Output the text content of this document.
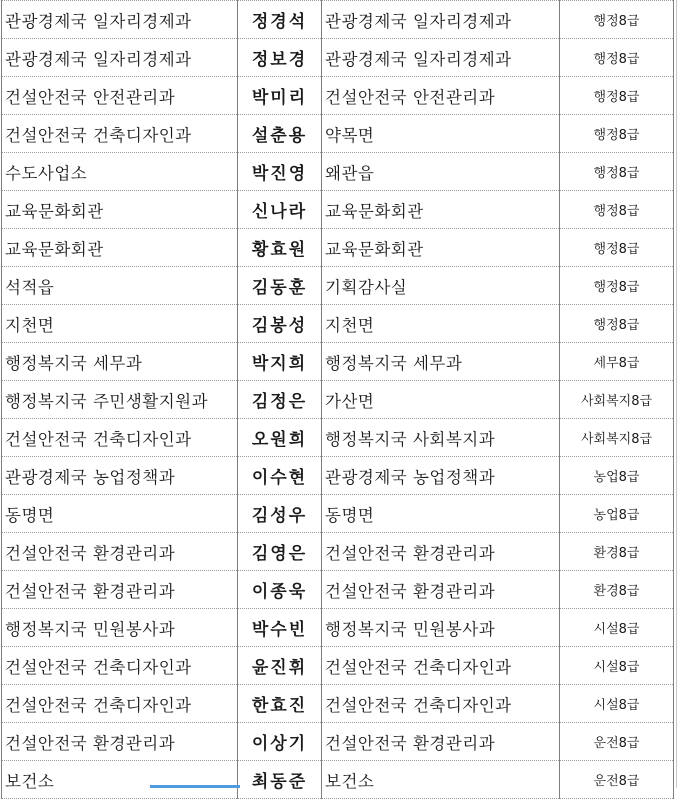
관광경제국 일자리경제과	정경석	관광경제국 일자리경제과	행정8급
관광경제국 일자리경제과	정보경	관광경제국 일자리경제과	행정8급
건설안전국 안전관리과	박미리	건설안전국 안전관리과	행정8급
건설안전국 건축디자인과	설춘용	약목면	행정8급
수도사업소	박진영	왜관읍	행정8급
교육문화회관	신나라	교육문화회관	행정8급
교육문화회관	황효원	교육문화회관	행정8급
석적읍	김동훈	기획감사실	행정8급
지천면	김봉성	지천면	행정8급
행정복지국 세무과	박지희	행정복지국 세무과	세무8급
행정복지국 주민생활지원과	김정은	가산면	사회복지8급
건설안전국 건축디자인과	오원희	행정복지국 사회복지과	사회복지8급
관광경제국 농업정책과	이수현	관광경제국 농업정책과	농업8급
동명면	김성우	동명면	농업8급
건설안전국 환경관리과	김영은	건설안전국 환경관리과	환경8급
건설안전국 환경관리과	이종욱	건설안전국 환경관리과	환경8급
행정복지국 민원봉사과	박수빈	행정복지국 민원봉사과	시설8급
건설안전국 건축디자인과	윤진휘	건설안전국 건축디자인과	시설8급
건설안전국 건축디자인과	한효진	건설안전국 건축디자인과	시설8급
건설안전국 환경관리과	이상기	건설안전국 환경관리과	운전8급
보건소	최동준	보건소	운전8급
